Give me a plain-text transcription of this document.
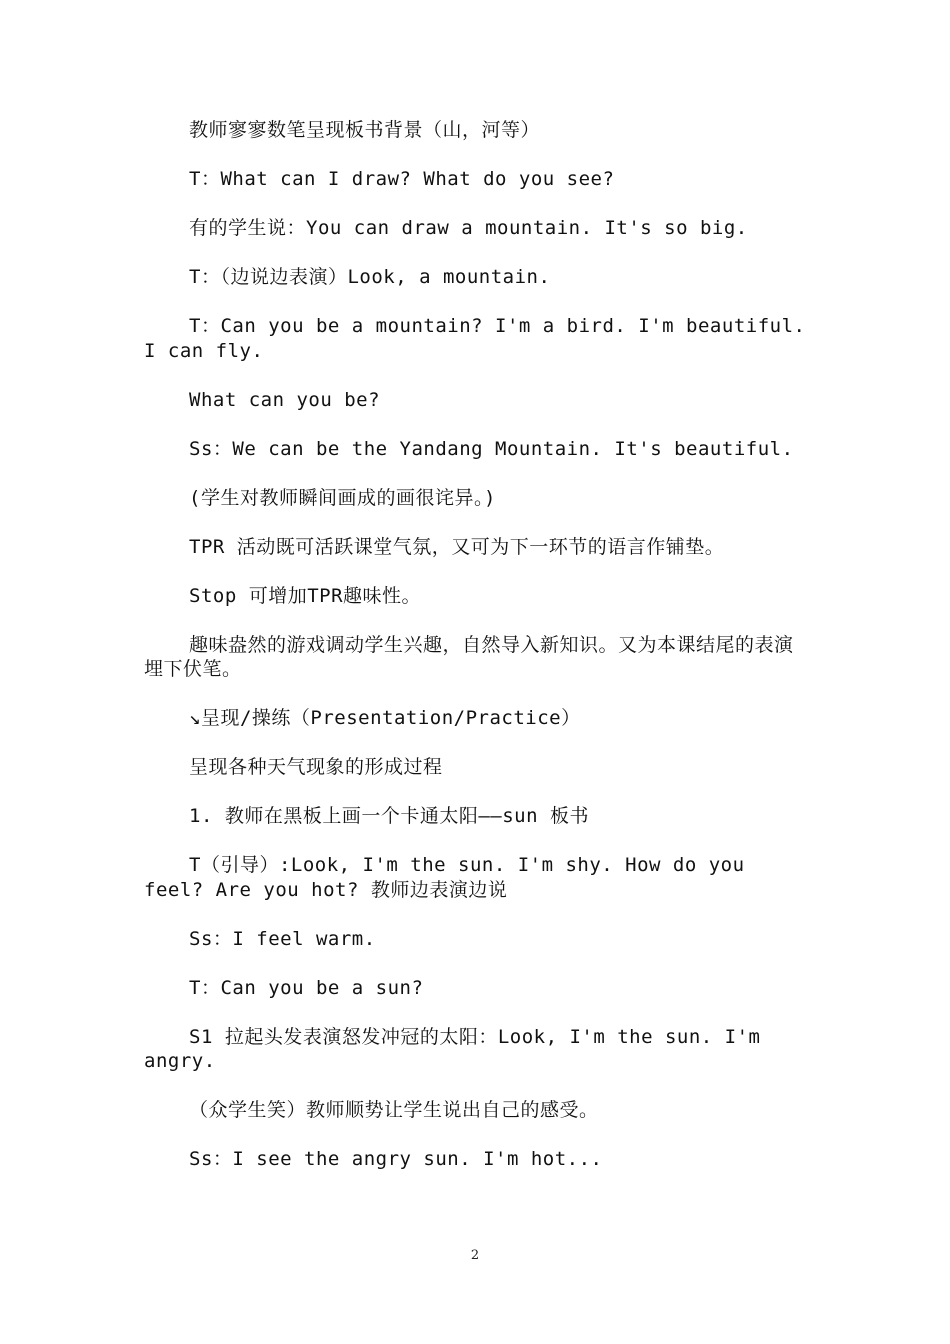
教师寥寥数笔呈现板书背景（山，河等）

T：What can I draw? What do you see?

有的学生说：You can draw a mountain. It's so big.

T：（边说边表演）Look, a mountain.

T：Can you be a mountain? I'm a bird. I'm beautiful. I can fly.

What can you be?

Ss：We can be the Yandang Mountain. It's beautiful.

(学生对教师瞬间画成的画很诧异。)

TPR 活动既可活跃课堂气氛，又可为下一环节的语言作铺垫。

Stop 可增加TPR趣味性。

趣味盎然的游戏调动学生兴趣，自然导入新知识。又为本课结尾的表演埋下伏笔。

↘呈现/操练（Presentation/Practice）

呈现各种天气现象的形成过程

1. 教师在黑板上画一个卡通太阳——sun 板书

T（引导）:Look, I'm the sun. I'm shy. How do you feel? Are you hot? 教师边表演边说

Ss：I feel warm.

T：Can you be a sun?

S1 拉起头发表演怒发冲冠的太阳：Look, I'm the sun. I'm angry.

（众学生笑）教师顺势让学生说出自己的感受。

Ss：I see the angry sun. I'm hot...

2
